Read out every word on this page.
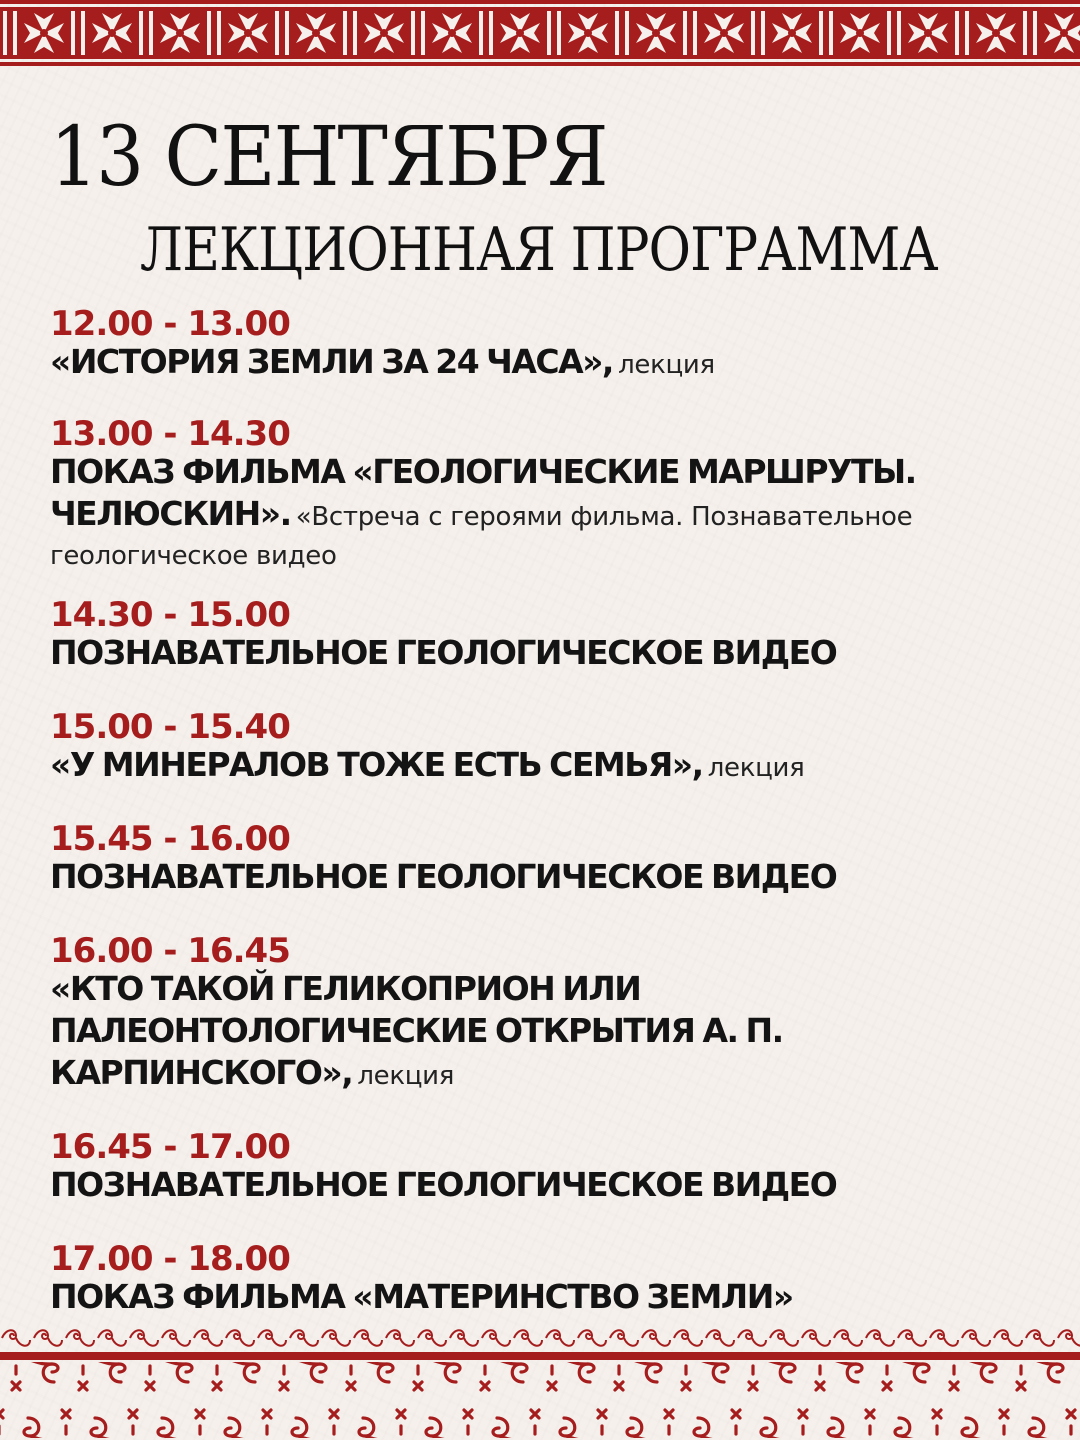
13 СЕНТЯБРЯ
ЛЕКЦИОННАЯ ПРОГРАММА
12.00 - 13.00
«ИСТОРИЯ ЗЕМЛИ ЗА 24 ЧАСА», лекция
13.00 - 14.30
ПОКАЗ ФИЛЬМА «ГЕОЛОГИЧЕСКИЕ МАРШРУТЫ. ЧЕЛЮСКИН». «Встреча с героями фильма. Познавательное геологическое видео
14.30 - 15.00
ПОЗНАВАТЕЛЬНОЕ ГЕОЛОГИЧЕСКОЕ ВИДЕО
15.00 - 15.40
«У МИНЕРАЛОВ ТОЖЕ ЕСТЬ СЕМЬЯ», лекция
15.45 - 16.00
ПОЗНАВАТЕЛЬНОЕ ГЕОЛОГИЧЕСКОЕ ВИДЕО
16.00 - 16.45
«КТО ТАКОЙ ГЕЛИКОПРИОН ИЛИ ПАЛЕОНТОЛОГИЧЕСКИЕ ОТКРЫТИЯ А. П. КАРПИНСКОГО», лекция
16.45 - 17.00
ПОЗНАВАТЕЛЬНОЕ ГЕОЛОГИЧЕСКОЕ ВИДЕО
17.00 - 18.00
ПОКАЗ ФИЛЬМА «МАТЕРИНСТВО ЗЕМЛИ»
